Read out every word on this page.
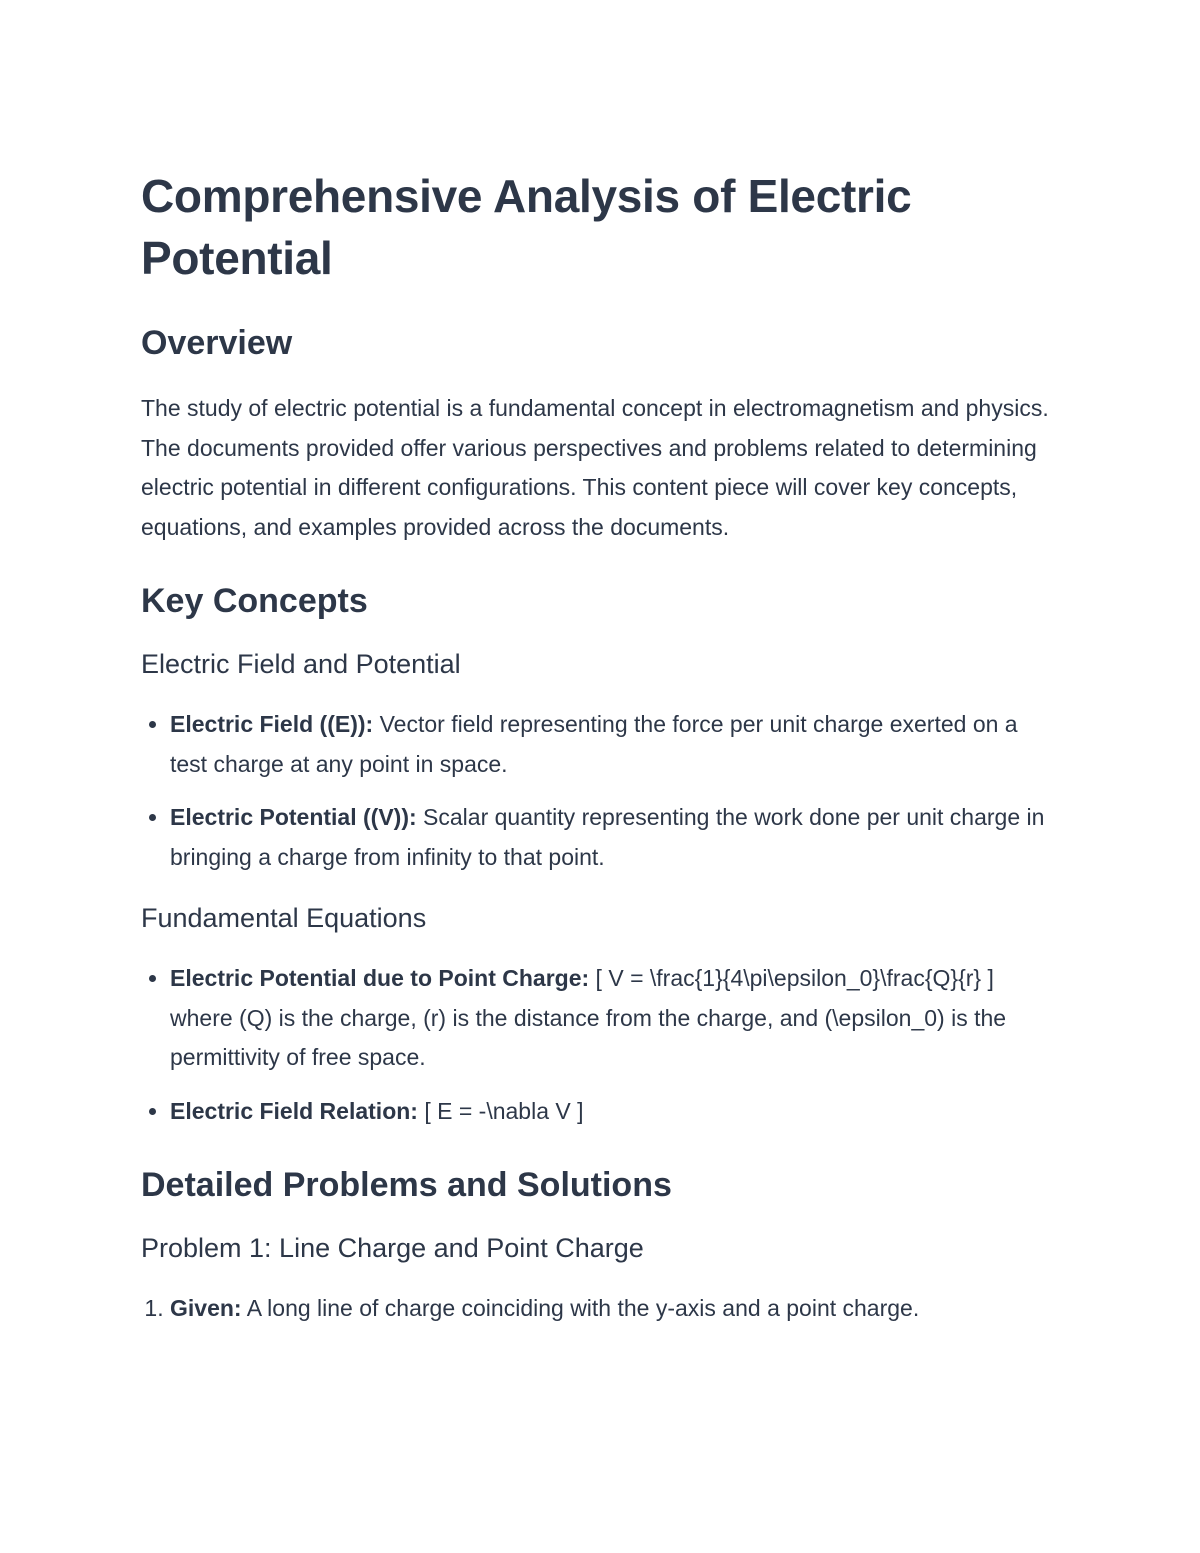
Comprehensive Analysis of Electric Potential
Overview

The study of electric potential is a fundamental concept in electromagnetism and physics. The documents provided offer various perspectives and problems related to determining electric potential in different configurations. This content piece will cover key concepts, equations, and examples provided across the documents.

Key Concepts
Electric Field and Potential
• Electric Field ((E)): Vector field representing the force per unit charge exerted on a test charge at any point in space.
• Electric Potential ((V)): Scalar quantity representing the work done per unit charge in bringing a charge from infinity to that point.
Fundamental Equations
• Electric Potential due to Point Charge: [ V = \frac{1}{4\pi\epsilon_0}\frac{Q}{r} ] where (Q) is the charge, (r) is the distance from the charge, and (\epsilon_0) is the permittivity of free space.
• Electric Field Relation: [ E = -\nabla V ]
Detailed Problems and Solutions
Problem 1: Line Charge and Point Charge
1. Given: A long line of charge coinciding with the y-axis and a point charge.
